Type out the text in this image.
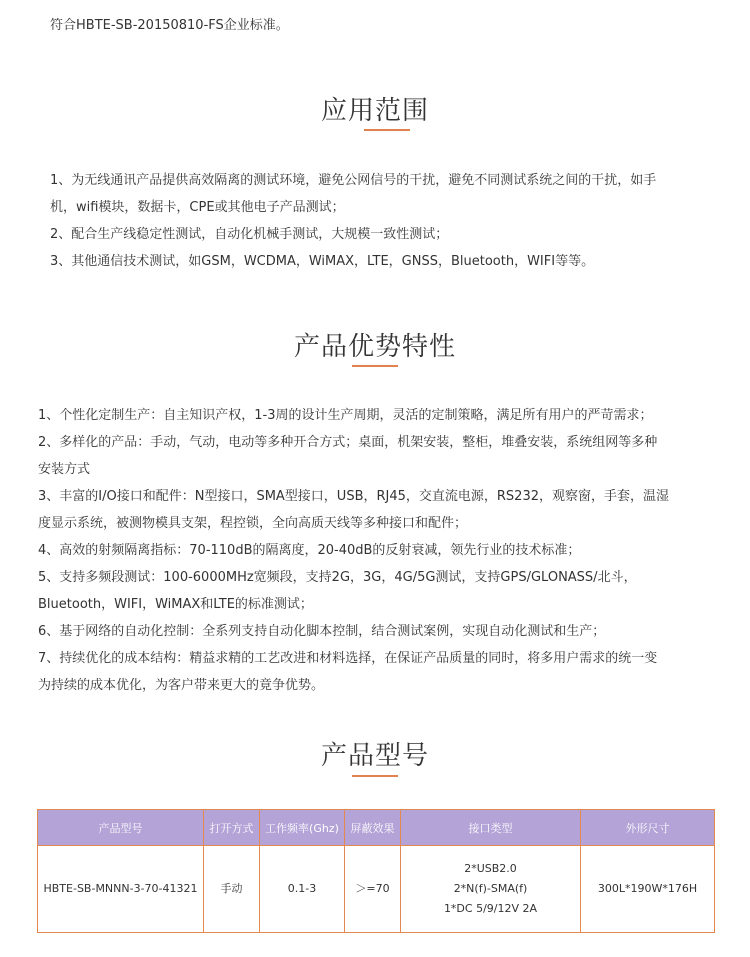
符合HBTE-SB-20150810-FS企业标准。
应用范围

1、为无线通讯产品提供高效隔离的测试环境，避免公网信号的干扰，避免不同测试系统之间的干扰，如手

机，wifi模块，数据卡，CPE或其他电子产品测试；

2、配合生产线稳定性测试，自动化机械手测试，大规模一致性测试；

3、其他通信技术测试，如GSM，WCDMA，WiMAX，LTE，GNSS，Bluetooth，WIFI等等。

产品优势特性

1、个性化定制生产：自主知识产权，1-3周的设计生产周期，灵活的定制策略，满足所有用户的严苛需求；

2、多样化的产品：手动，气动，电动等多种开合方式；桌面，机架安装，整柜，堆叠安装，系统组网等多种

安装方式

3、丰富的I/O接口和配件：N型接口，SMA型接口，USB，RJ45，交直流电源，RS232，观察窗，手套，温湿

度显示系统，被测物模具支架，程控锁，全向高质天线等多种接口和配件；

4、高效的射频隔离指标：70-110dB的隔离度，20-40dB的反射衰减，领先行业的技术标准；

5、支持多频段测试：100-6000MHz宽频段，支持2G，3G，4G/5G测试，支持GPS/GLONASS/北斗，

Bluetooth，WIFI，WiMAX和LTE的标准测试；

6、基于网络的自动化控制：全系列支持自动化脚本控制，结合测试案例，实现自动化测试和生产；

7、持续优化的成本结构：精益求精的工艺改进和材料选择，在保证产品质量的同时，将多用户需求的统一变

为持续的成本优化，为客户带来更大的竟争优势。

产品型号
产品型号	打开方式	工作频率(Ghz)	屏蔽效果	接口类型	外形尺寸
HBTE-SB-MNNN-3-70-41321	手动	0.1-3	＞=70	2*USB2.0
2*N(f)-SMA(f)
1*DC 5/9/12V 2A	300L*190W*176H
